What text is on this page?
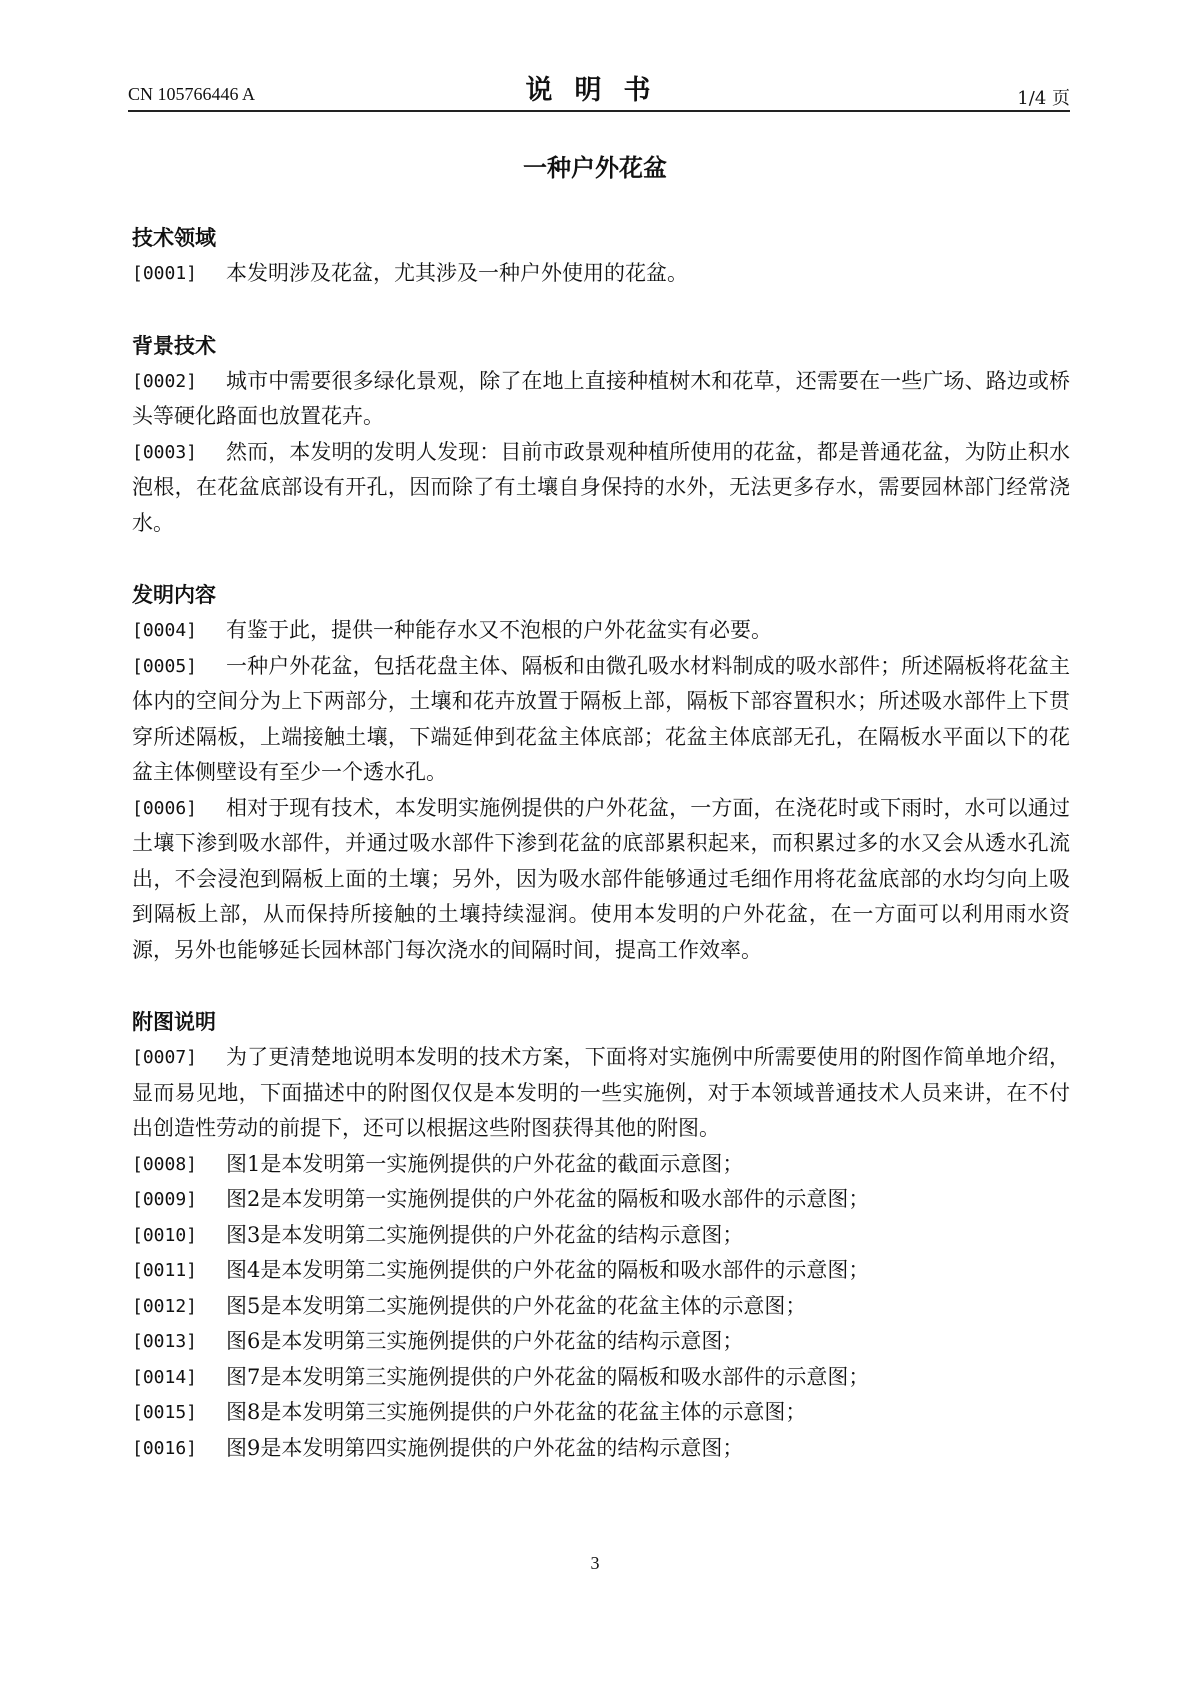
CN 105766446 A	说明书	1/4 页
一种户外花盆
技术领域

[0001] 本发明涉及花盆，尤其涉及一种户外使用的花盆。

背景技术

[0002] 城市中需要很多绿化景观，除了在地上直接种植树木和花草，还需要在一些广场、路边或桥头等硬化路面也放置花卉。

[0003] 然而，本发明的发明人发现：目前市政景观种植所使用的花盆，都是普通花盆，为防止积水泡根，在花盆底部设有开孔，因而除了有土壤自身保持的水外，无法更多存水，需要园林部门经常浇水。

发明内容

[0004] 有鉴于此，提供一种能存水又不泡根的户外花盆实有必要。

[0005] 一种户外花盆，包括花盘主体、隔板和由微孔吸水材料制成的吸水部件；所述隔板将花盆主体内的空间分为上下两部分，土壤和花卉放置于隔板上部，隔板下部容置积水；所述吸水部件上下贯穿所述隔板，上端接触土壤，下端延伸到花盆主体底部；花盆主体底部无孔，在隔板水平面以下的花盆主体侧壁设有至少一个透水孔。

[0006] 相对于现有技术，本发明实施例提供的户外花盆，一方面，在浇花时或下雨时，水可以通过土壤下渗到吸水部件，并通过吸水部件下渗到花盆的底部累积起来，而积累过多的水又会从透水孔流出，不会浸泡到隔板上面的土壤；另外，因为吸水部件能够通过毛细作用将花盆底部的水均匀向上吸到隔板上部，从而保持所接触的土壤持续湿润。使用本发明的户外花盆，在一方面可以利用雨水资源，另外也能够延长园林部门每次浇水的间隔时间，提高工作效率。

附图说明

[0007] 为了更清楚地说明本发明的技术方案，下面将对实施例中所需要使用的附图作简单地介绍，显而易见地，下面描述中的附图仅仅是本发明的一些实施例，对于本领域普通技术人员来讲，在不付出创造性劳动的前提下，还可以根据这些附图获得其他的附图。

[0008] 图1是本发明第一实施例提供的户外花盆的截面示意图；

[0009] 图2是本发明第一实施例提供的户外花盆的隔板和吸水部件的示意图；

[0010] 图3是本发明第二实施例提供的户外花盆的结构示意图；

[0011] 图4是本发明第二实施例提供的户外花盆的隔板和吸水部件的示意图；

[0012] 图5是本发明第二实施例提供的户外花盆的花盆主体的示意图；

[0013] 图6是本发明第三实施例提供的户外花盆的结构示意图；

[0014] 图7是本发明第三实施例提供的户外花盆的隔板和吸水部件的示意图；

[0015] 图8是本发明第三实施例提供的户外花盆的花盆主体的示意图；

[0016] 图9是本发明第四实施例提供的户外花盆的结构示意图；

3
